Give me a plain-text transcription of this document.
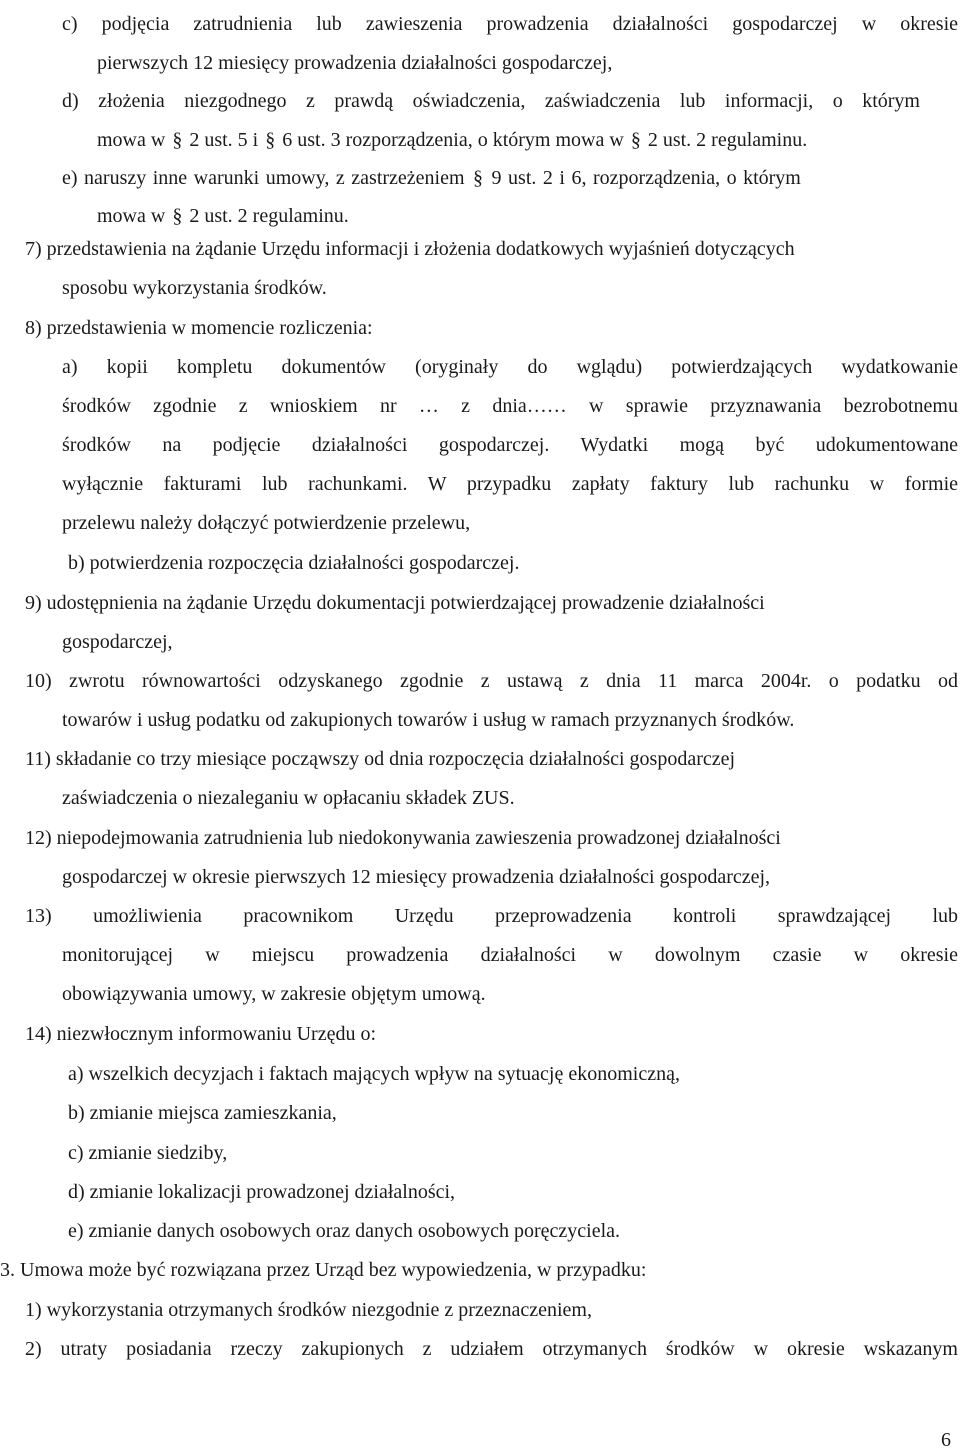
c) podjęcia zatrudnienia lub zawieszenia prowadzenia działalności gospodarczej w okresie

pierwszych 12 miesięcy prowadzenia działalności gospodarczej,

d) złożenia niezgodnego z prawdą oświadczenia, zaświadczenia lub informacji, o którym

mowa w § 2 ust. 5 i § 6 ust. 3 rozporządzenia, o którym mowa w § 2 ust. 2 regulaminu.

e) naruszy inne warunki umowy, z zastrzeżeniem § 9 ust. 2 i 6, rozporządzenia, o którym

mowa w § 2 ust. 2 regulaminu.

7) przedstawienia na żądanie Urzędu informacji i złożenia dodatkowych wyjaśnień dotyczących

sposobu wykorzystania środków.

8) przedstawienia w momencie rozliczenia:

a) kopii kompletu dokumentów (oryginały do wglądu) potwierdzających wydatkowanie

środków zgodnie z wnioskiem nr … z dnia…… w sprawie przyznawania bezrobotnemu

środków na podjęcie działalności gospodarczej. Wydatki mogą być udokumentowane

wyłącznie fakturami lub rachunkami. W przypadku zapłaty faktury lub rachunku w formie

przelewu należy dołączyć potwierdzenie przelewu,

b) potwierdzenia rozpoczęcia działalności gospodarczej.

9) udostępnienia na żądanie Urzędu dokumentacji potwierdzającej prowadzenie działalności

gospodarczej,

10) zwrotu równowartości odzyskanego zgodnie z ustawą z dnia 11 marca 2004r. o podatku od

towarów i usług podatku od zakupionych towarów i usług w ramach przyznanych środków.

11) składanie co trzy miesiące począwszy od dnia rozpoczęcia działalności gospodarczej

zaświadczenia o niezaleganiu w opłacaniu składek ZUS.

12) niepodejmowania zatrudnienia lub niedokonywania zawieszenia prowadzonej działalności

gospodarczej w okresie pierwszych 12 miesięcy prowadzenia działalności gospodarczej,

13) umożliwienia pracownikom Urzędu przeprowadzenia kontroli sprawdzającej lub

monitorującej w miejscu prowadzenia działalności w dowolnym czasie w okresie

obowiązywania umowy, w zakresie objętym umową.

14) niezwłocznym informowaniu Urzędu o:

a) wszelkich decyzjach i faktach mających wpływ na sytuację ekonomiczną,

b) zmianie miejsca zamieszkania,

c) zmianie siedziby,

d) zmianie lokalizacji prowadzonej działalności,

e) zmianie danych osobowych oraz danych osobowych poręczyciela.

3. Umowa może być rozwiązana przez Urząd bez wypowiedzenia, w przypadku:

1) wykorzystania otrzymanych środków niezgodnie z przeznaczeniem,

2) utraty posiadania rzeczy zakupionych z udziałem otrzymanych środków w okresie wskazanym

6
